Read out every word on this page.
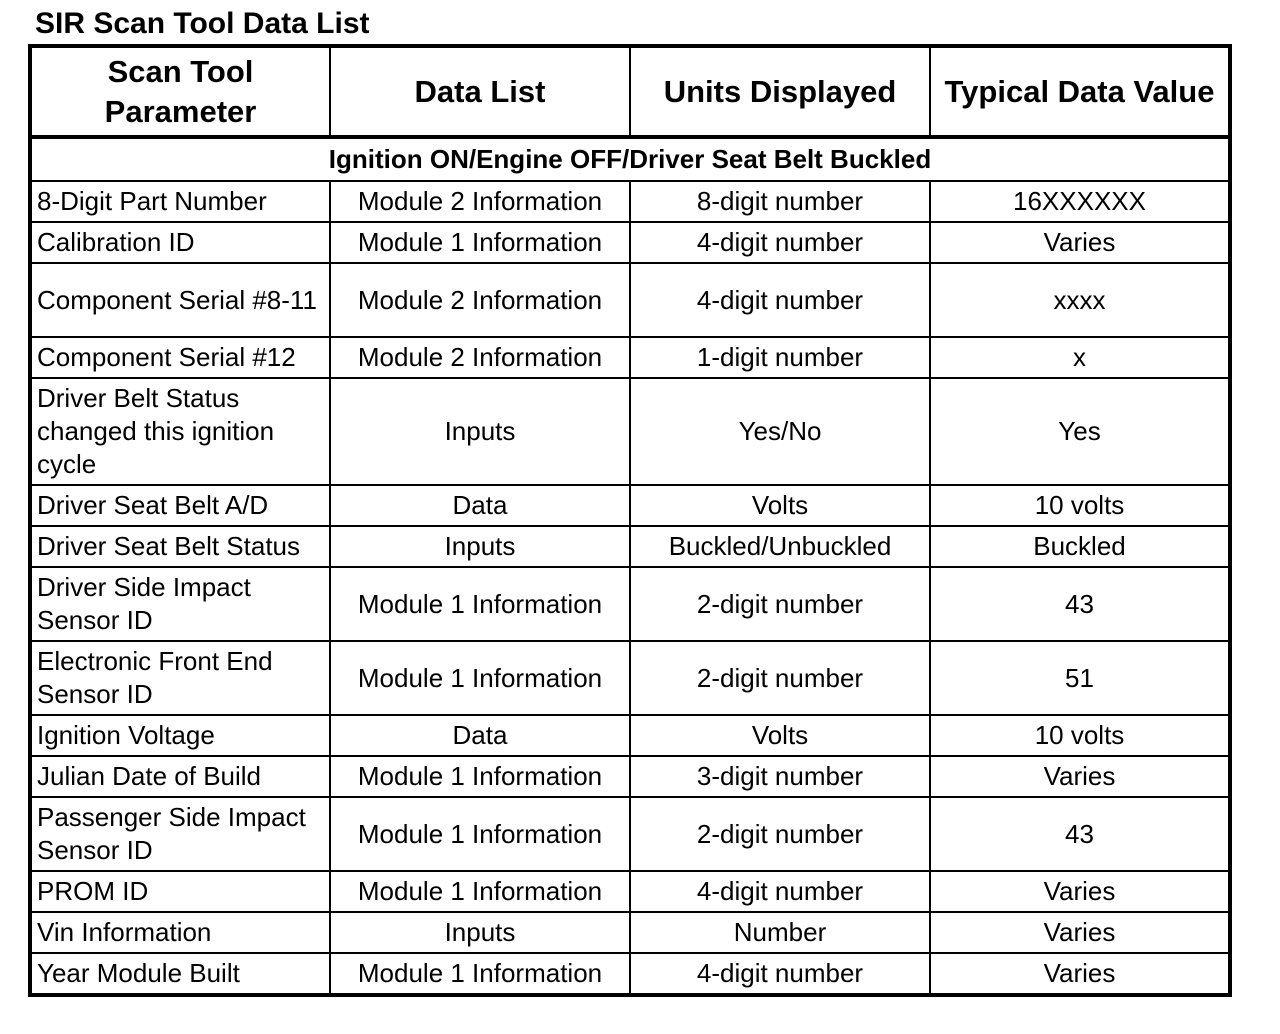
SIR Scan Tool Data List
Scan Tool Parameter	Data List	Units Displayed	Typical Data Value
Ignition ON/Engine OFF/Driver Seat Belt Buckled			
8-Digit Part Number	Module 2 Information	8-digit number	16XXXXXX
Calibration ID	Module 1 Information	4-digit number	Varies
Component Serial #8-11	Module 2 Information	4-digit number	xxxx
Component Serial #12	Module 2 Information	1-digit number	x
Driver Belt Status changed this ignition cycle	Inputs	Yes/No	Yes
Driver Seat Belt A/D	Data	Volts	10 volts
Driver Seat Belt Status	Inputs	Buckled/Unbuckled	Buckled
Driver Side Impact Sensor ID	Module 1 Information	2-digit number	43
Electronic Front End Sensor ID	Module 1 Information	2-digit number	51
Ignition Voltage	Data	Volts	10 volts
Julian Date of Build	Module 1 Information	3-digit number	Varies
Passenger Side Impact Sensor ID	Module 1 Information	2-digit number	43
PROM ID	Module 1 Information	4-digit number	Varies
Vin Information	Inputs	Number	Varies
Year Module Built	Module 1 Information	4-digit number	Varies
